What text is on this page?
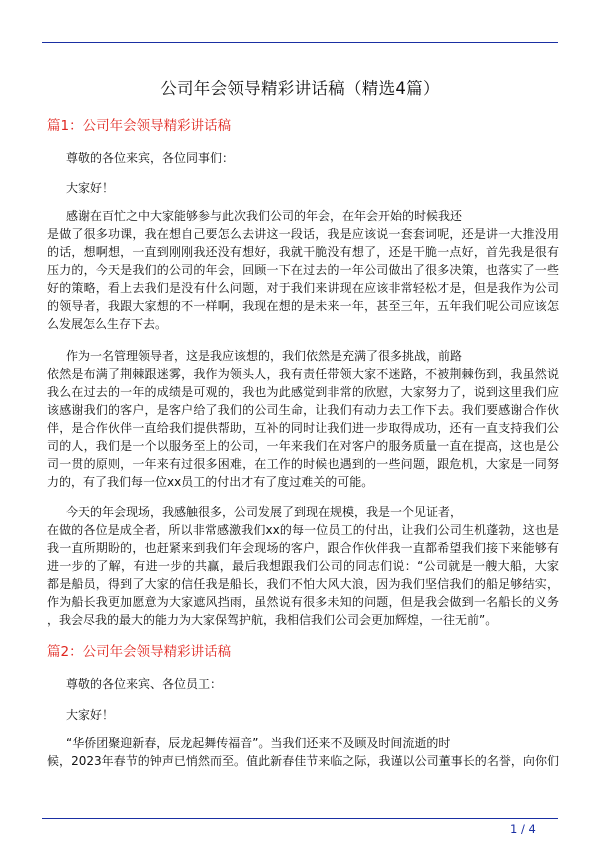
公司年会领导精彩讲话稿（精选4篇）
篇1：公司年会领导精彩讲话稿
尊敬的各位来宾，各位同事们：
大家好！
感谢在百忙之中大家能够参与此次我们公司的年会，在年会开始的时候我还
是做了很多功课，我在想自己要怎么去讲这一段话，我是应该说一套套词呢，还是讲一大推没用
的话，想啊想，一直到刚刚我还没有想好，我就干脆没有想了，还是干脆一点好，首先我是很有
压力的，今天是我们的公司的年会，回顾一下在过去的一年公司做出了很多决策，也落实了一些
好的策略，看上去我们是没有什么问题，对于我们来讲现在应该非常轻松才是，但是我作为公司
的领导者，我跟大家想的不一样啊，我现在想的是未来一年，甚至三年，五年我们呢公司应该怎
么发展怎么生存下去。
作为一名管理领导者，这是我应该想的，我们依然是充满了很多挑战，前路
依然是布满了荆棘跟迷雾，我作为领头人，我有责任带领大家不迷路，不被荆棘伤到，我虽然说
我么在过去的一年的成绩是可观的，我也为此感觉到非常的欣慰，大家努力了，说到这里我们应
该感谢我们的客户，是客户给了我们的公司生命，让我们有动力去工作下去。我们要感谢合作伙
伴，是合作伙伴一直给我们提供帮助，互补的同时让我们进一步取得成功，还有一直支持我们公
司的人，我们是一个以服务至上的公司，一年来我们在对客户的服务质量一直在提高，这也是公
司一贯的原则，一年来有过很多困难，在工作的时候也遇到的一些问题，跟危机，大家是一同努
力的，有了我们每一位xx员工的付出才有了度过难关的可能。
今天的年会现场，我感触很多，公司发展了到现在规模，我是一个见证者，
在做的各位是成全者，所以非常感激我们xx的每一位员工的付出，让我们公司生机蓬勃，这也是
我一直所期盼的，也赶紧来到我们年会现场的客户，跟合作伙伴我一直都希望我们接下来能够有
进一步的了解，有进一步的共赢，最后我想跟我们公司的同志们说：“公司就是一艘大船，大家
都是船员，得到了大家的信任我是船长，我们不怕大风大浪，因为我们坚信我们的船足够结实，
作为船长我更加愿意为大家遮风挡雨，虽然说有很多未知的问题，但是我会做到一名船长的义务
，我会尽我的最大的能力为大家保驾护航，我相信我们公司会更加辉煌，一往无前”。
篇2：公司年会领导精彩讲话稿
尊敬的各位来宾、各位员工：
大家好！
“华侨团聚迎新春，辰龙起舞传福音”。当我们还来不及顾及时间流逝的时
候，2023年春节的钟声已悄然而至。值此新春佳节来临之际，我谨以公司董事长的名誉，向你们
1 / 4
